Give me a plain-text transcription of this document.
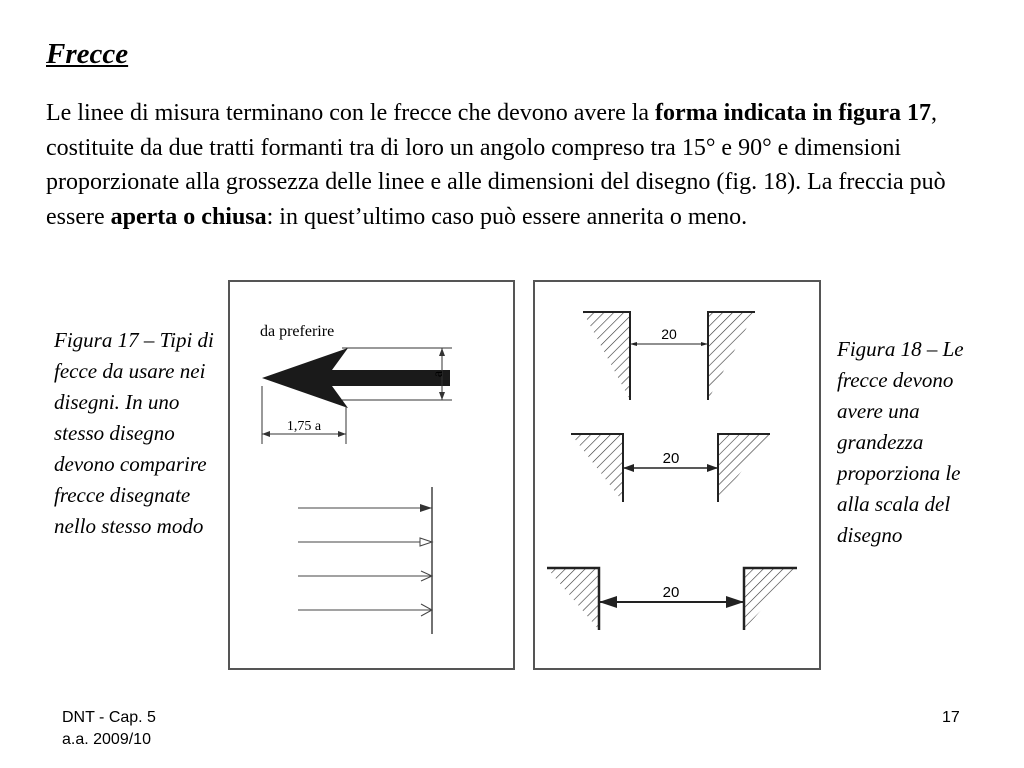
Frecce

Le linee di misura terminano con le frecce che devono avere la forma indicata in figura 17, costituite da due tratti formanti tra di loro un angolo compreso tra 15° e 90° e dimensioni proporzionate alla grossezza delle linee e alle dimensioni del disegno (fig. 18). La freccia può essere aperta o chiusa: in quest’ultimo caso può essere annerita o meno.

Figura 17 – Tipi di fecce da usare nei disegni. In uno stesso disegno devono comparire frecce disegnate nello stesso modo

da preferire
a
1,75 a
20
20
20

Figura 18 – Le frecce devono avere una grandezza proporziona le alla scala del disegno

DNT - Cap. 5
a.a. 2009/10
17
